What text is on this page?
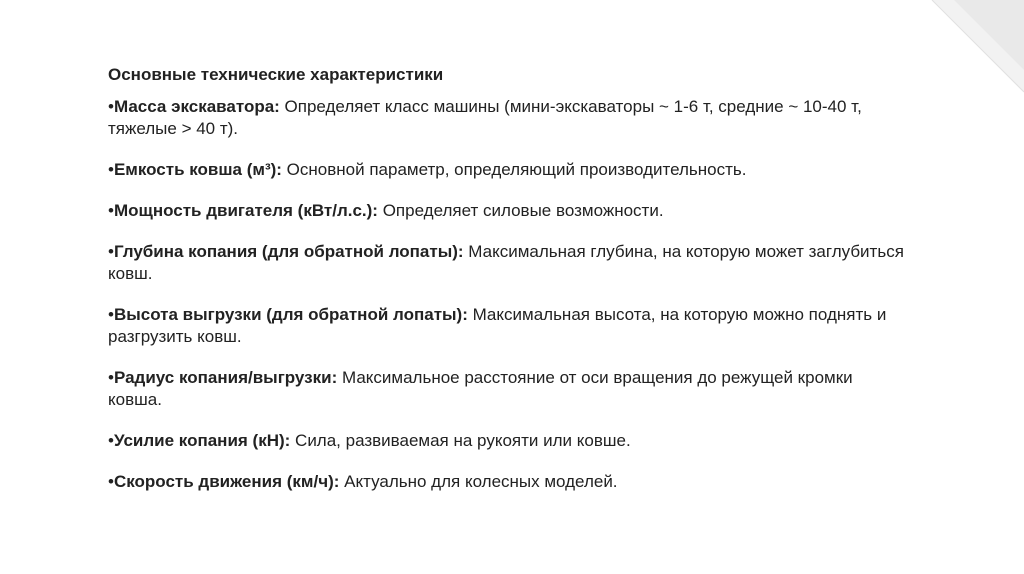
Основные технические характеристики
•Масса экскаватора: Определяет класс машины (мини-экскаваторы ~ 1-6 т, средние ~ 10-40 т, тяжелые > 40 т).
•Емкость ковша (м³): Основной параметр, определяющий производительность.
•Мощность двигателя (кВт/л.с.): Определяет силовые возможности.
•Глубина копания (для обратной лопаты): Максимальная глубина, на которую может заглубиться ковш.
•Высота выгрузки (для обратной лопаты): Максимальная высота, на которую можно поднять и разгрузить ковш.
•Радиус копания/выгрузки: Максимальное расстояние от оси вращения до режущей кромки ковша.
•Усилие копания (кН): Сила, развиваемая на рукояти или ковше.
•Скорость движения (км/ч): Актуально для колесных моделей.
